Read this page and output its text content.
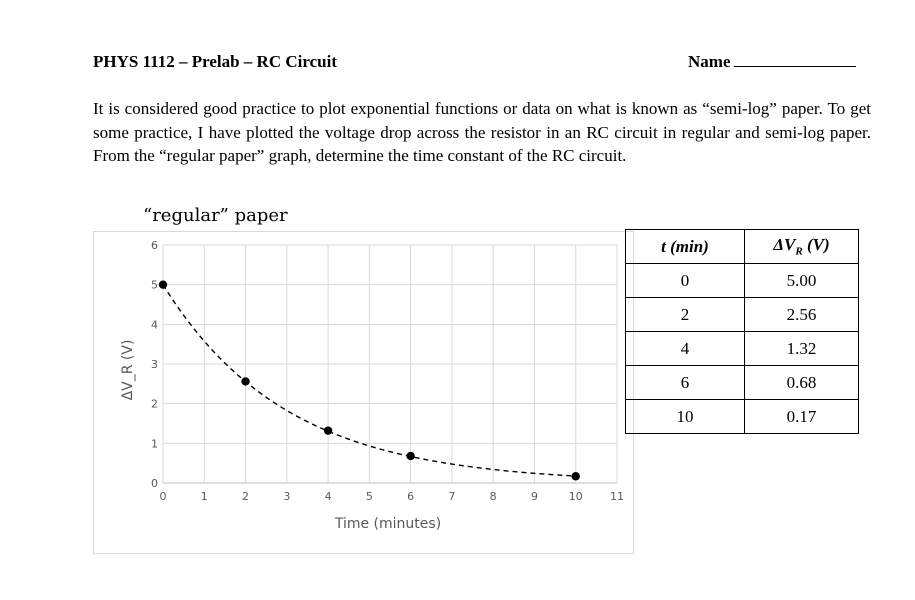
PHYS 1112 – Prelab – RC Circuit	Name
It is considered good practice to plot exponential functions or data on what is known as “semi-log” paper. To get some practice, I have plotted the voltage drop across the resistor in an RC circuit in regular and semi-log paper. From the “regular paper” graph, determine the time constant of the RC circuit.
“regular” paper
0	1	2	3	4	5	6	7	8	9	10 11
0
1
2
3
4
5
6
Time (minutes)
ΔV_R (V)
t (min)	$\Delta V_R$ (V)
0	5.00
2	2.56
4	1.32
6	0.68
10	0.17
